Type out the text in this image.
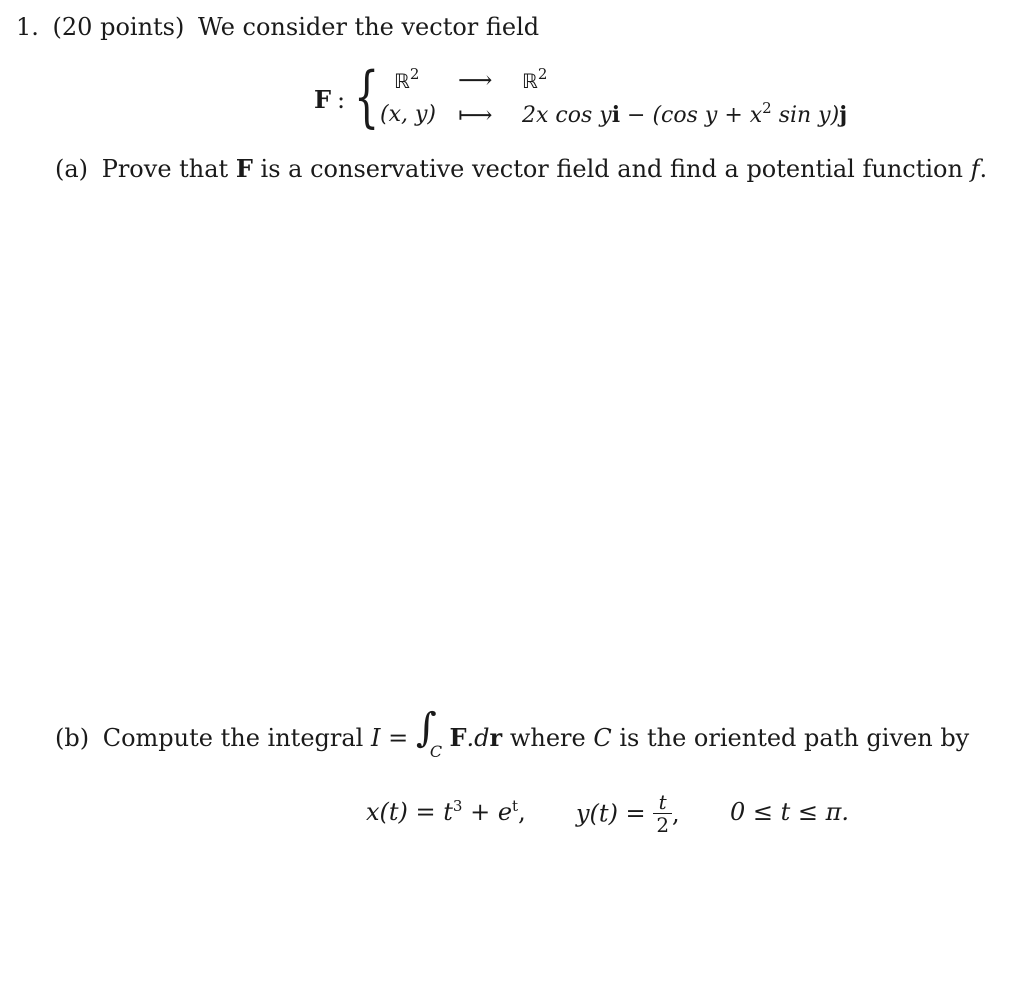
1. (20 points) We consider the vector field
F : { ℝ$^2$ ⟶ ℝ$^2$
(x, y) ⟼ 2x cos yi − (cos $y + x^2$ sin y)j
(a) Prove that F is a conservative vector field and find a potential function f.
(b) Compute the integral I = ∫
C F.dr where C is the oriented path given by
$x(t) = t^3 + e^t$, $y(t) = \frac{t}{2}$ , 0 ≤ t ≤ π.
